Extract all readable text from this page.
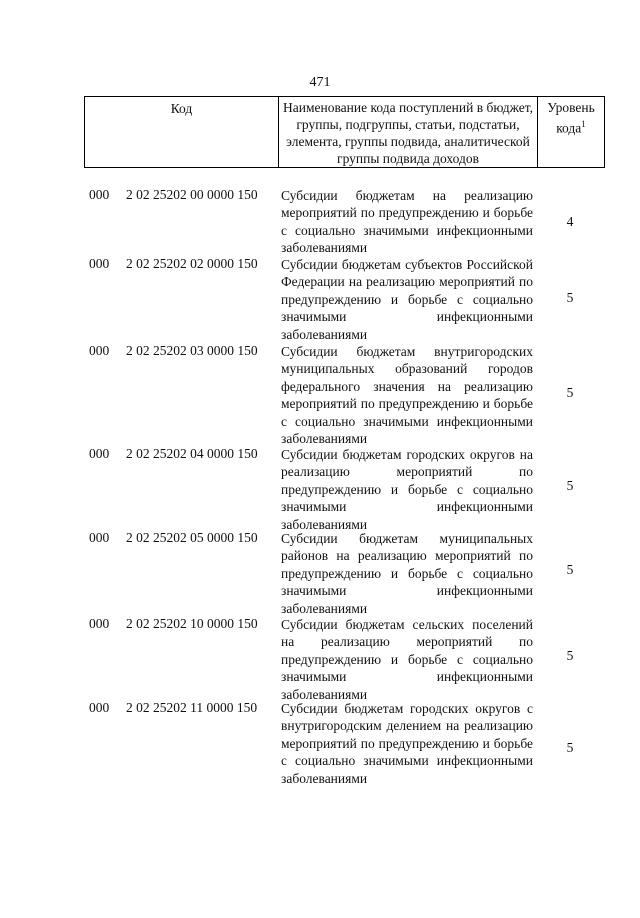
471
Код	Наименование кода поступлений в бюджет, группы, подгруппы, статьи, подстатьи, элемента, группы подвида, аналитической группы подвида доходов
Уровень кода$^1$
000 2 02 25202 00 0000 150 Субсидии бюджетам на реализацию мероприятий по предупреждению и борьбе с социально значимыми инфекционными заболеваниями
4
000 2 02 25202 02 0000 150 Субсидии бюджетам субъектов Российской Федерации на реализацию мероприятий по предупреждению и борьбе с социально значимыми инфекционными заболеваниями
5
000 2 02 25202 03 0000 150 Субсидии бюджетам внутригородских муниципальных образований городов федерального значения на реализацию мероприятий по предупреждению и борьбе с социально значимыми инфекционными заболеваниями
5
000 2 02 25202 04 0000 150 Субсидии бюджетам городских округов на реализацию мероприятий по предупреждению и борьбе с социально значимыми инфекционными заболеваниями
5
000 2 02 25202 05 0000 150 Субсидии бюджетам муниципальных районов на реализацию мероприятий по предупреждению и борьбе с социально значимыми инфекционными заболеваниями
5
000 2 02 25202 10 0000 150 Субсидии бюджетам сельских поселений на реализацию мероприятий по предупреждению и борьбе с социально значимыми инфекционными заболеваниями
5
000 2 02 25202 11 0000 150 Субсидии бюджетам городских округов с внутригородским делением на реализацию мероприятий по предупреждению и борьбе с социально значимыми инфекционными заболеваниями
5
